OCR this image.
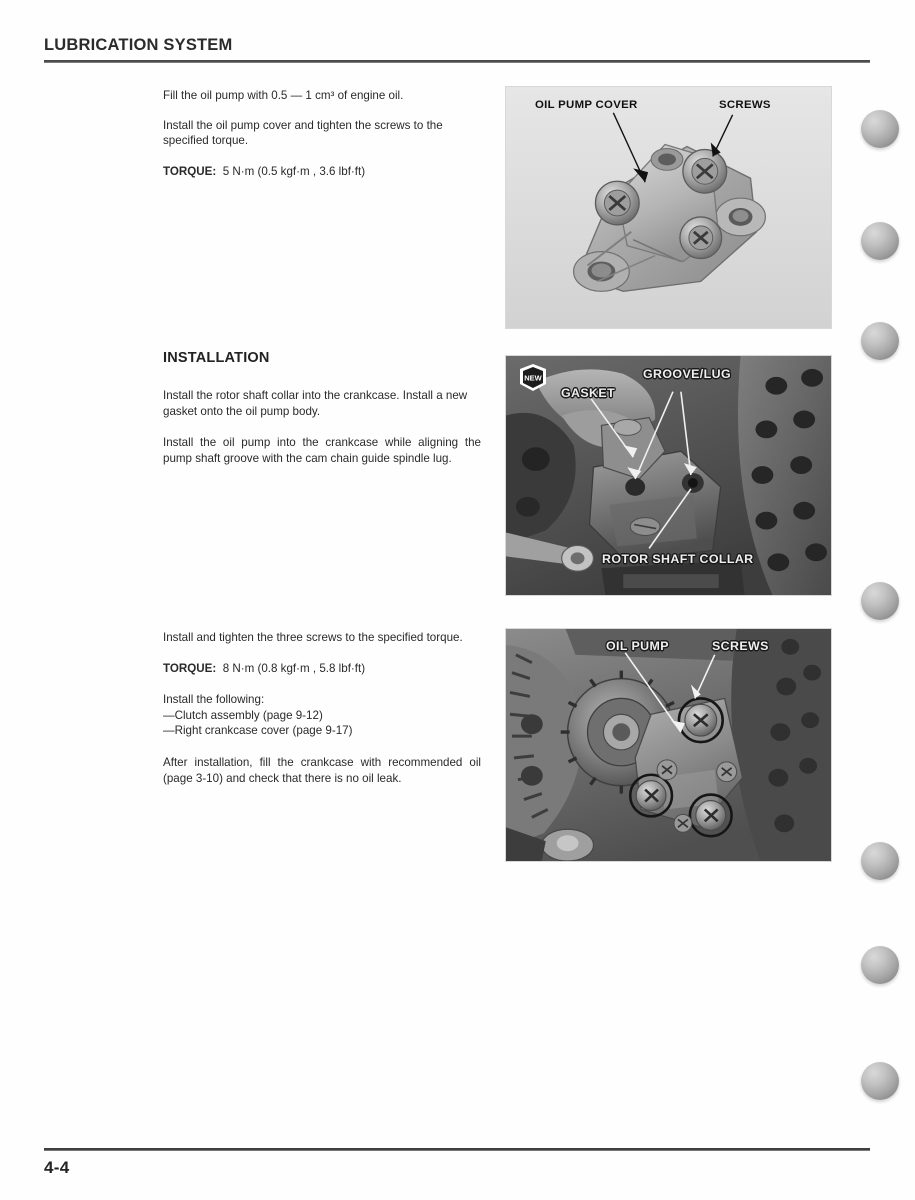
LUBRICATION SYSTEM

Fill the oil pump with 0.5 — 1 cm³ of engine oil.

Install the oil pump cover and tighten the screws to the specified torque.

TORQUE: 5 N·m (0.5 kgf·m , 3.6 lbf·ft)

INSTALLATION

Install the rotor shaft collar into the crankcase. Install a new gasket onto the oil pump body.

Install the oil pump into the crankcase while aligning the pump shaft groove with the cam chain guide spindle lug.

Install and tighten the three screws to the specified torque.

TORQUE: 8 N·m (0.8 kgf·m , 5.8 lbf·ft)

Install the following:

—Clutch assembly (page 9-12)

—Right crankcase cover (page 9-17)

After installation, fill the crankcase with recommended oil (page 3-10) and check that there is no oil leak.

OIL PUMP COVER	SCREWS
NEW
GASKET
GROOVE/LUG
ROTOR SHAFT COLLAR
OIL PUMP	SCREWS
4-4
